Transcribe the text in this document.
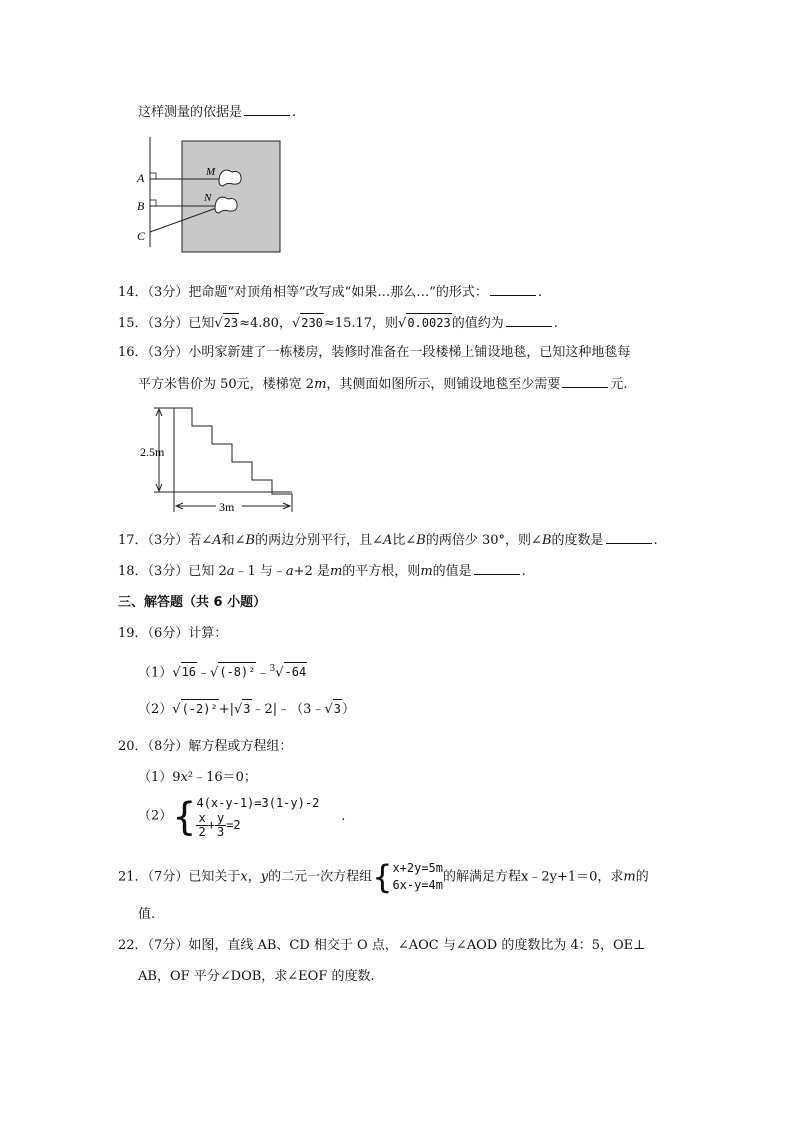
这样测量的依据是	.
A
B
C
M
N
14．（3分）把命题“对顶角相等”改写成“如果…那么…”的形式：	.
15．（3分）已知√23≈4.80，√230≈15.17，则√0.0023的值约为	.
16．（3分）小明家新建了一栋楼房，装修时准备在一段楼梯上铺设地毯，已知这种地毯每
平方米售价为 50元，楼梯宽 2m，其侧面如图所示，则铺设地毯至少需要	元.
2.5m
3m
17．（3分）若∠A和∠B的两边分别平行，且∠A比∠B的两倍少 30°，则∠B的度数是	.
18．（3分）已知 2a﹣1 与﹣a+2 是m的平方根，则m的值是	.
三、解答题（共 6 小题）
19．（6分）计算：
（1）√16﹣√(-8)²﹣$^3$√-64
（2）√(-2)²+|√3﹣2|﹣（3﹣√3）
20．（8分）解方程或方程组：
（1）9x²﹣16＝0；
（2）{ 4(x-y-1)=3(1-y)-2
$\frac{x}{2}+ \frac{y}{3}=2$
.
21．（7分）已知关于x，y的二元一次方程组{ x+2y=5m
6x-y=4m
的解满足方程x﹣2y+1＝0，求m的
值.
22．（7分）如图，直线 AB、CD 相交于 O 点，∠AOC 与∠AOD 的度数比为 4：5，OE⊥
AB，OF 平分∠DOB，求∠EOF 的度数.
